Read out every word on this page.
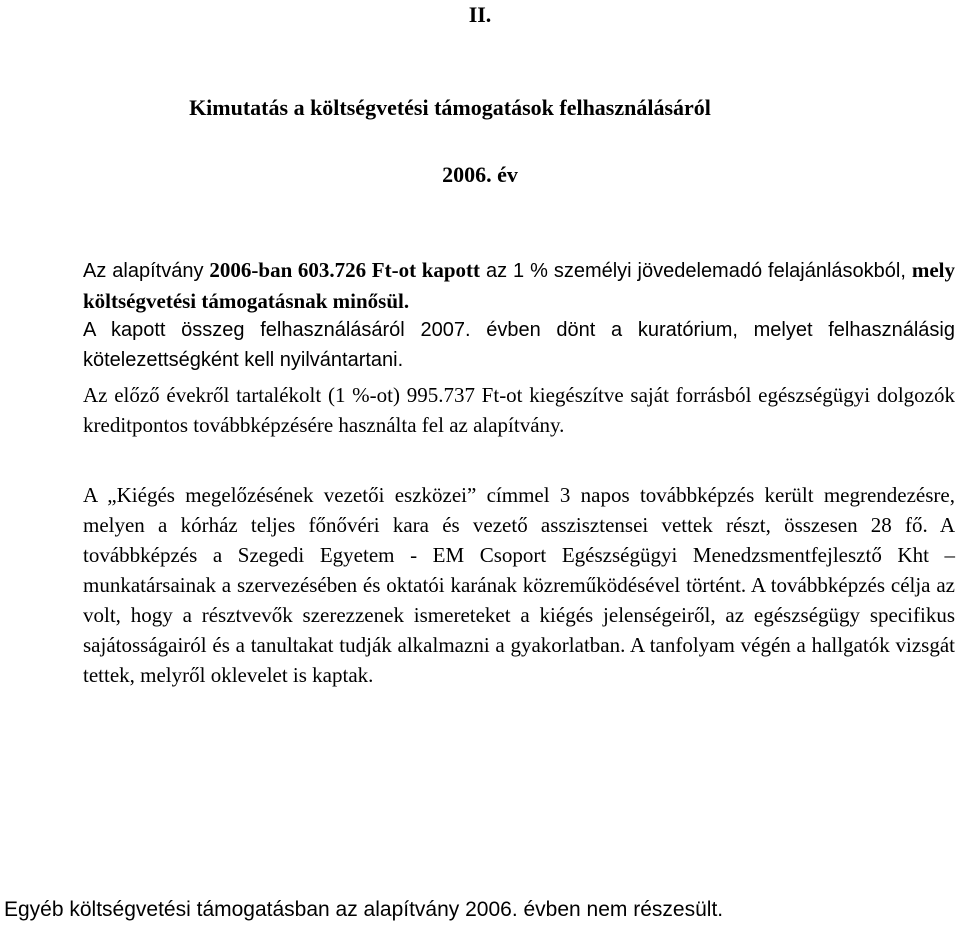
II.
Kimutatás a költségvetési támogatások felhasználásáról
2006. év
Az alapítvány 2006-ban 603.726 Ft-ot kapott az 1 % személyi jövedelemadó felajánlásokból, mely költségvetési támogatásnak minősül.
A kapott összeg felhasználásáról 2007. évben dönt a kuratórium, melyet felhasználásig kötelezettségként kell nyilvántartani.
Az előző évekről tartalékolt (1 %-ot) 995.737 Ft-ot kiegészítve saját forrásból egészségügyi dolgozók kreditpontos továbbképzésére használta fel az alapítvány.
A „Kiégés megelőzésének vezetői eszközei” címmel 3 napos továbbképzés került megrendezésre, melyen a kórház teljes főnővéri kara és vezető asszisztensei vettek részt, összesen 28 fő. A továbbképzés a Szegedi Egyetem - EM Csoport Egészségügyi Menedzsmentfejlesztő Kht – munkatársainak a szervezésében és oktatói karának közreműködésével történt. A továbbképzés célja az volt, hogy a résztvevők szerezzenek ismereteket a kiégés jelenségeiről, az egészségügy specifikus sajátosságairól és a tanultakat tudják alkalmazni a gyakorlatban. A tanfolyam végén a hallgatók vizsgát tettek, melyről oklevelet is kaptak.
Egyéb költségvetési támogatásban az alapítvány 2006. évben nem részesült.
